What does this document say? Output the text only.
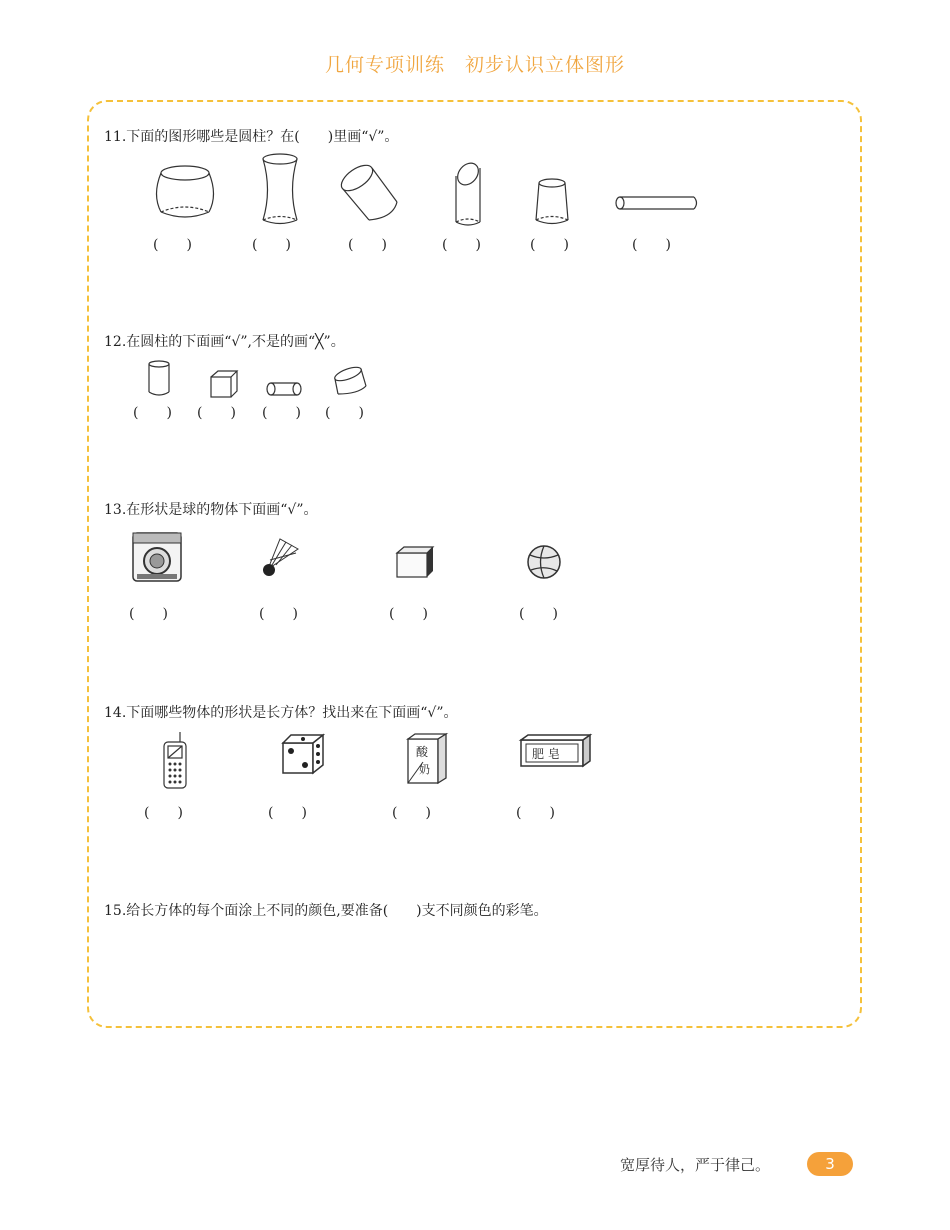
几何专项训练　初步认识立体图形
11.下面的图形哪些是圆柱？在(　　)里画“√”。
(　　)	(　　)	(　　)	(　　)	(　　)	(　　)
12.在圆柱的下面画“√”,不是的画“╳”。
(　　) (　　) (　　) (　　)
13.在形状是球的物体下面画“√”。
(　　)	(　　)	(　　)	(　　)
14.下面哪些物体的形状是长方体？找出来在下面画“√”。
酸
奶
肥 皂
(　　)	(　　)	(　　)	(　　)
15.给长方体的每个面涂上不同的颜色,要准备(　　)支不同颜色的彩笔。
宽厚待人，严于律己。	3
